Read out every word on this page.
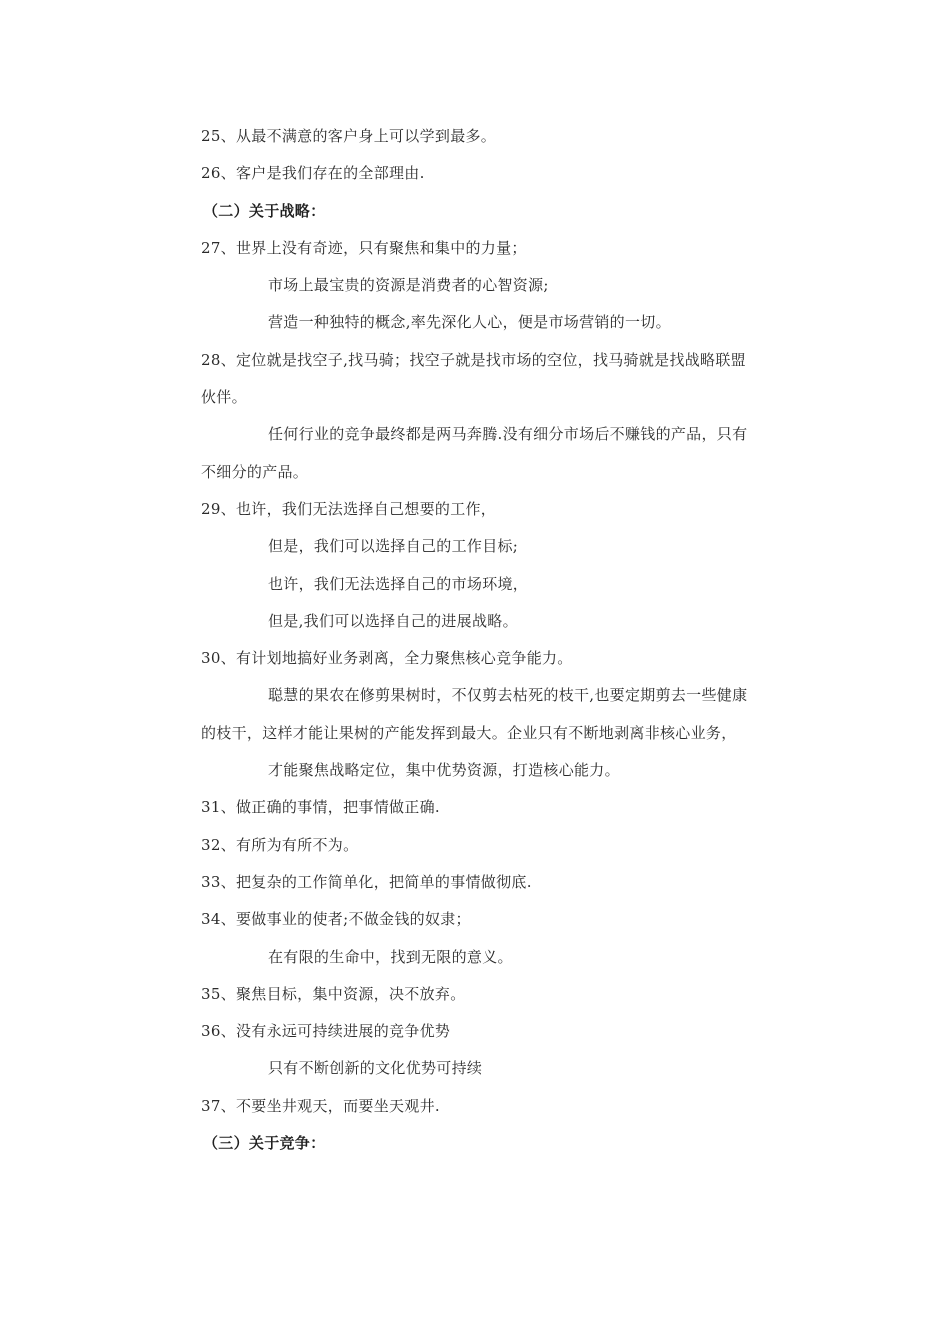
25、从最不满意的客户身上可以学到最多。
26、客户是我们存在的全部理由.
（二）关于战略：
27、世界上没有奇迹，只有聚焦和集中的力量；
市场上最宝贵的资源是消费者的心智资源;
营造一种独特的概念,率先深化人心，便是市场营销的一切。
28、定位就是找空子,找马骑；找空子就是找市场的空位，找马骑就是找战略联盟
伙伴。
任何行业的竞争最终都是两马奔腾.没有细分市场后不赚钱的产品，只有
不细分的产品。
29、也许，我们无法选择自己想要的工作，
但是，我们可以选择自己的工作目标;
也许，我们无法选择自己的市场环境，
但是,我们可以选择自己的进展战略。
30、有计划地搞好业务剥离，全力聚焦核心竞争能力。
聪慧的果农在修剪果树时，不仅剪去枯死的枝干,也要定期剪去一些健康
的枝干，这样才能让果树的产能发挥到最大。企业只有不断地剥离非核心业务，
才能聚焦战略定位，集中优势资源，打造核心能力。
31、做正确的事情，把事情做正确.
32、有所为有所不为。
33、把复杂的工作简单化，把简单的事情做彻底.
34、要做事业的使者;不做金钱的奴隶；
在有限的生命中，找到无限的意义。
35、聚焦目标，集中资源，决不放弃。
36、没有永远可持续进展的竞争优势
只有不断创新的文化优势可持续
37、不要坐井观天，而要坐天观井.
（三）关于竞争：
